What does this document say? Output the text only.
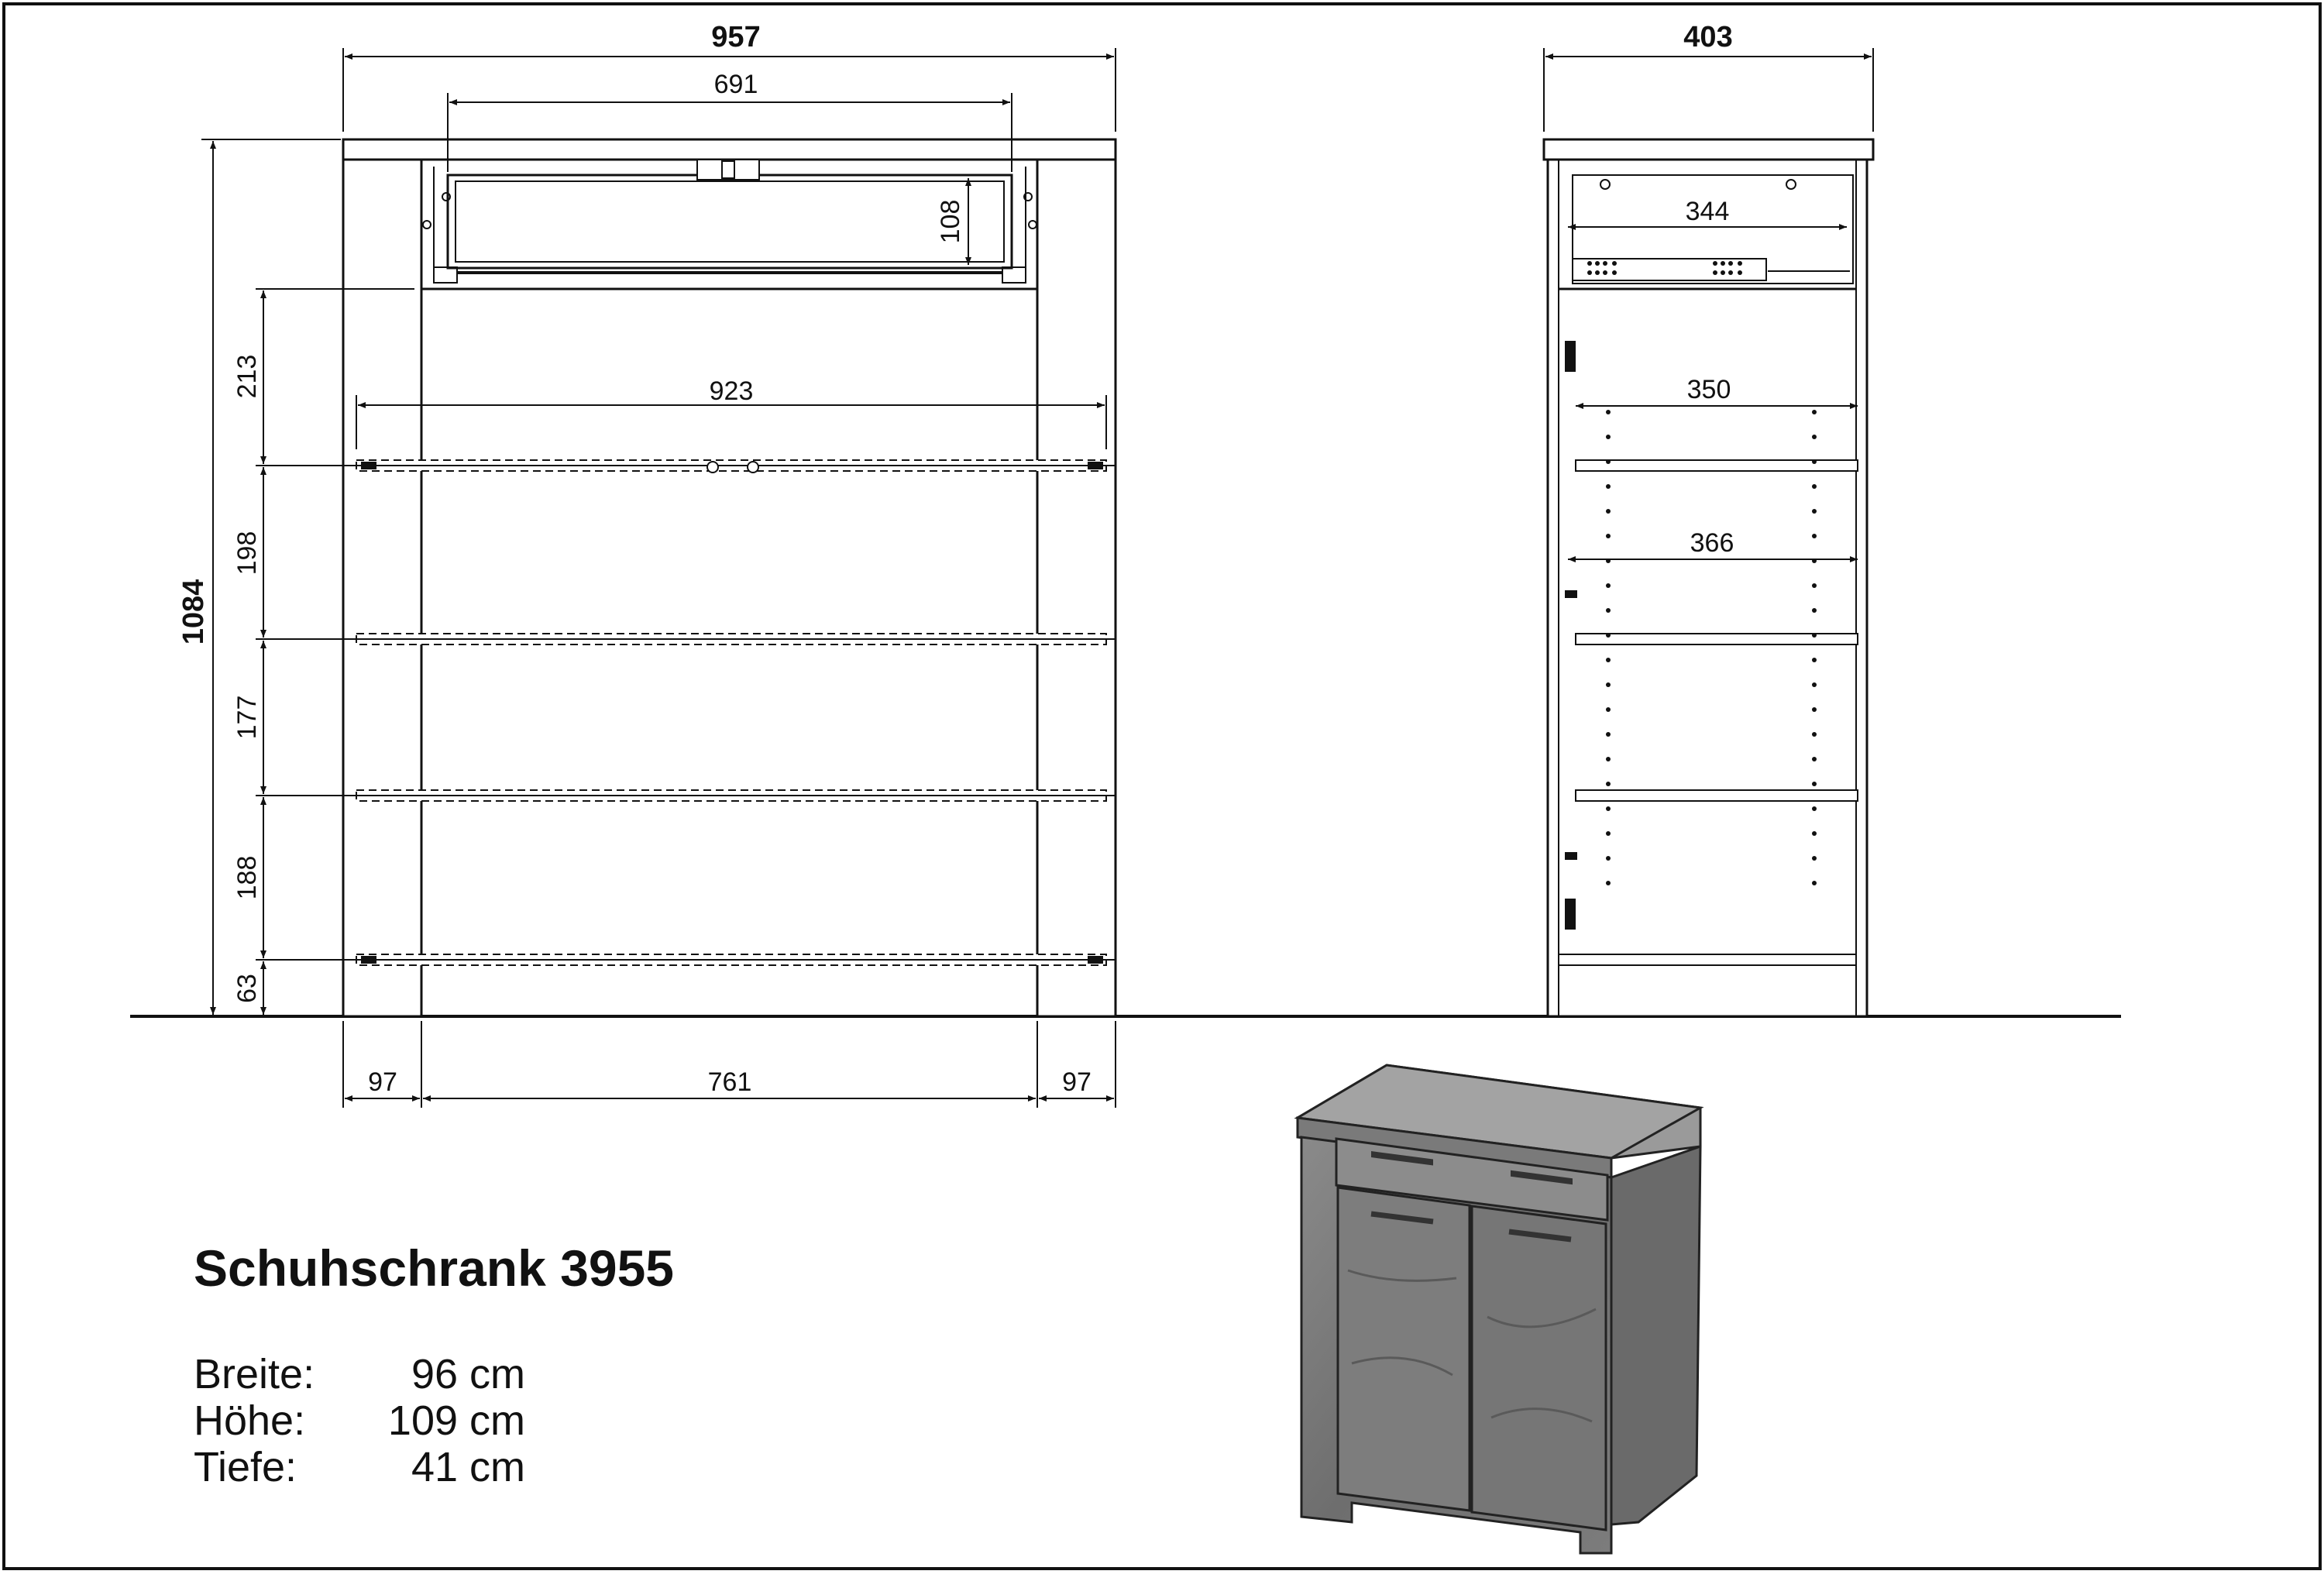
957
691
108
923
1084
213
198
177
188
63
97	761	97
403
344
350
366
Schuhschrank 3955
Breite: 96 cm
Höhe: 109 cm
Tiefe:	41 cm
